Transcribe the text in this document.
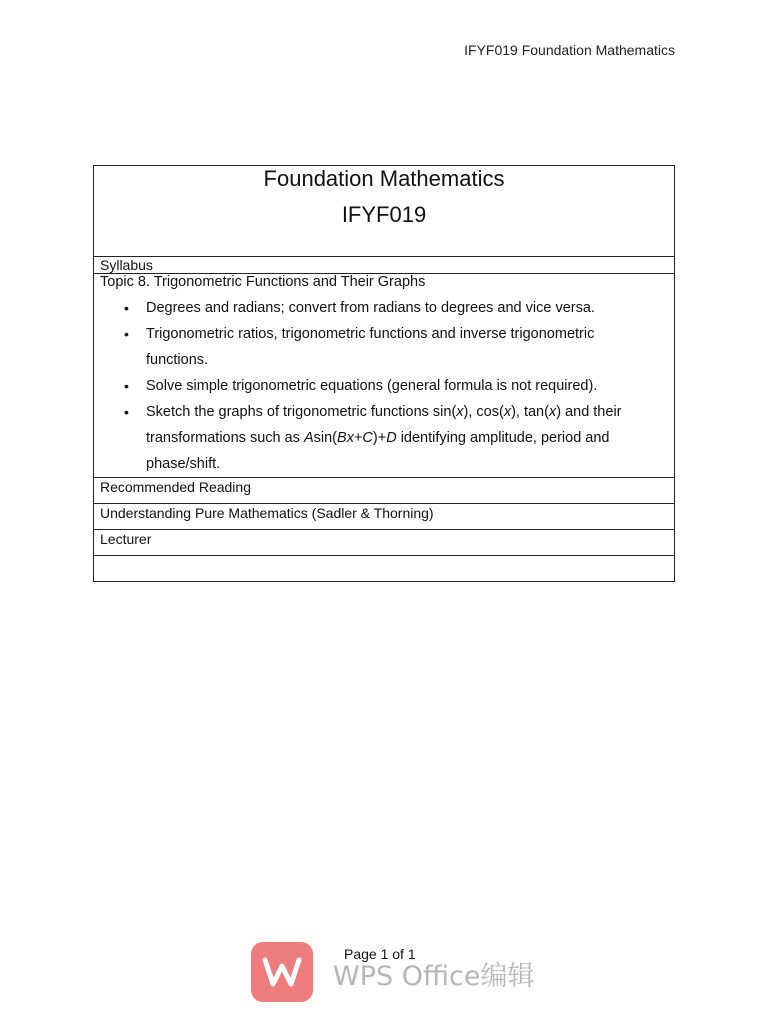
IFYF019 Foundation Mathematics
Foundation Mathematics
IFYF019

Syllabus

Topic 8. Trigonometric Functions and Their Graphs
• Degrees and radians; convert from radians to degrees and vice versa.
• Trigonometric ratios, trigonometric functions and inverse trigonometric
functions.
• Solve simple trigonometric equations (general formula is not required).
• Sketch the graphs of trigonometric functions sin(x), cos(x), tan(x) and their
transformations such as Asin(Bx+C)+D identifying amplitude, period and
phase/shift.

Recommended Reading
Understanding Pure Mathematics (Sadler & Thorning)
Lecturer

WPS Office编辑
Page 1 of 1
